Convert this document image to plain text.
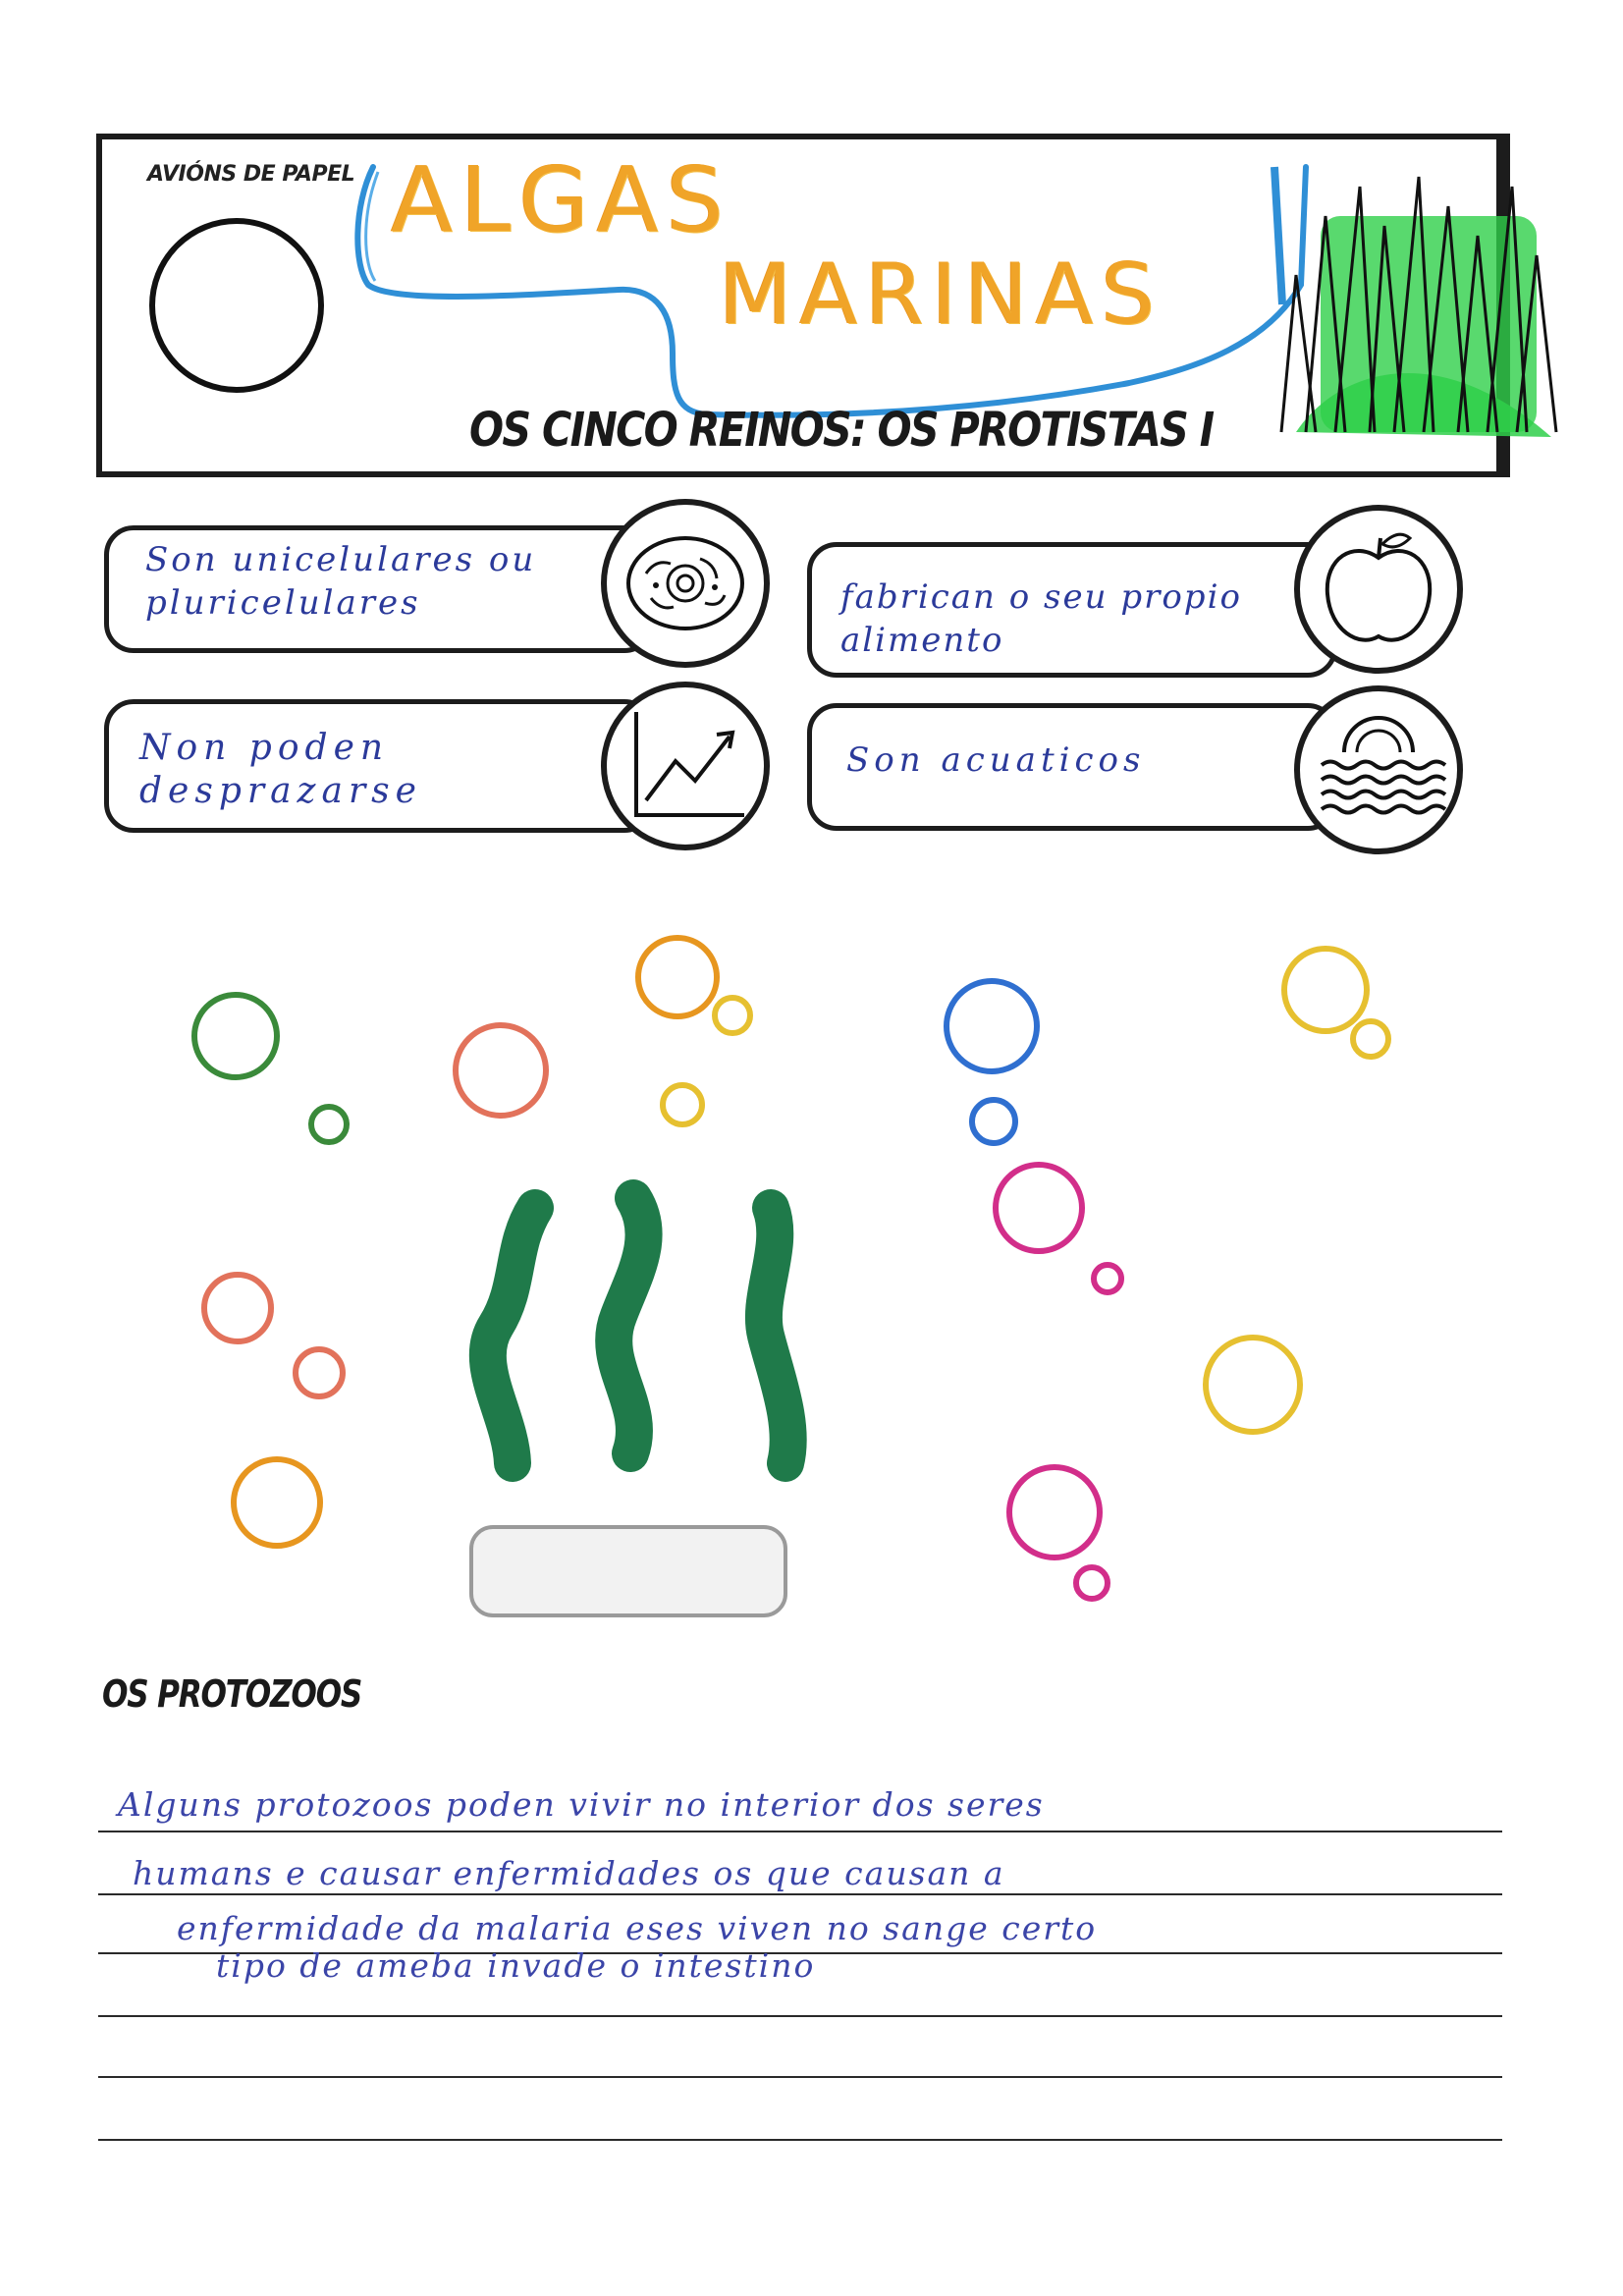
AVIÓNS DE PAPEL ALGAS
MARINAS
OS CINCO REINOS: OS PROTISTAS I
Son unicelulares ou pluricelulares	fabrican o seu propio alimento
Non poden desprazarse
Son acuaticos
OS PROTOZOOS
Alguns protozoos poden vivir no interior dos seres
humans e causar enfermidades os que causan a
enfermidade da malaria eses viven no sange certo
tipo de ameba invade o intestino
